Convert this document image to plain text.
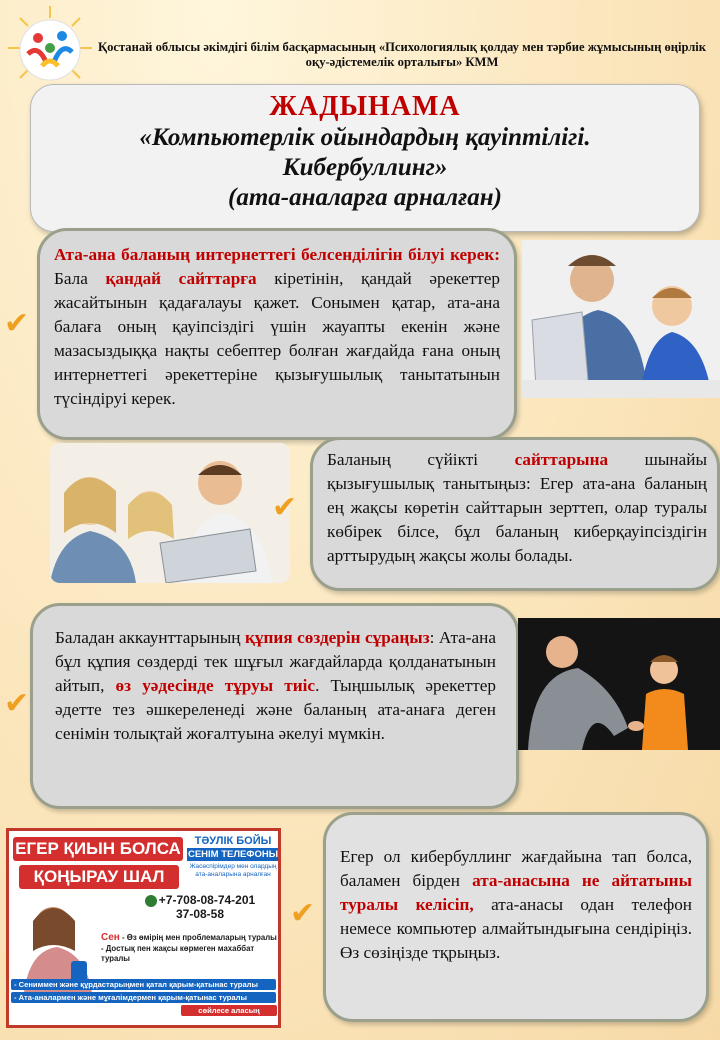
Қостанай облысы әкімдігі білім басқармасының «Психологиялық қолдау мен тәрбие жұмысының өңірлік оқу-әдістемелік орталығы» КММ
ЖАДЫНАМА
«Компьютерлік ойындардың қауіптілігі.
Кибербуллинг»
(ата-аналарға арналған)
✔

Ата-ана баланың интернеттегі белсенділігін білуі керек: Бала қандай сайттарға кіретінін, қандай әрекеттер жасайтынын қадағалауы қажет. Сонымен қатар, ата-ана балаға оның қауіпсіздігі үшін жауапты екенін және мазасыздыққа нақты себептер болған жағдайда ғана оның интернеттегі әрекеттеріне қызығушылық танытатынын түсіндіруі керек.

✔

Баланың сүйікті сайттарына шынайы қызығушылық танытыңыз: Егер ата-ана баланың ең жақсы көретін сайттарын зерттеп, олар туралы көбірек білсе, бұл баланың киберқауіпсіздігін арттырудың жақсы жолы болады.

✔

Баладан аккаунттарының құпия сөздерін сұраңыз: Ата-ана бұл құпия сөздерді тек шұғыл жағдайларда қолданатынын айтып, өз уәдесінде тұруы тиіс. Тыңшылық әрекеттер әдетте тез әшкереленеді және баланың ата-анаға деген сенімін толықтай жоғалтуына әкелуі мүмкін.

ЕГЕР ҚИЫН БОЛСА
ҚОҢЫРАУ ШАЛ
ТӘУЛІК БОЙЫ
СЕНІМ ТЕЛЕФОНЫ
Жасөспірімдер мен олардың ата-аналарына арналған
+7-708-08-74-201
37-08-58
Сен - Өз өмірің мен проблемаларың туралы
- Достық пен жақсы көрмеген махаббат туралы
- Сениммен және құрдастарыңмен қатал қарым-қатынас туралы
- Ата-аналармен және мұғалімдермен қарым-қатынас туралы
сөйлесе аласың
✔

Егер ол кибербуллинг жағдайына тап болса, баламен бірден ата-анасына не айтатыны туралы келісіп, ата-анасы одан телефон немесе компьютер алмайтындығына сендіріңіз. Өз сөзіңізде тқрыңыз.
